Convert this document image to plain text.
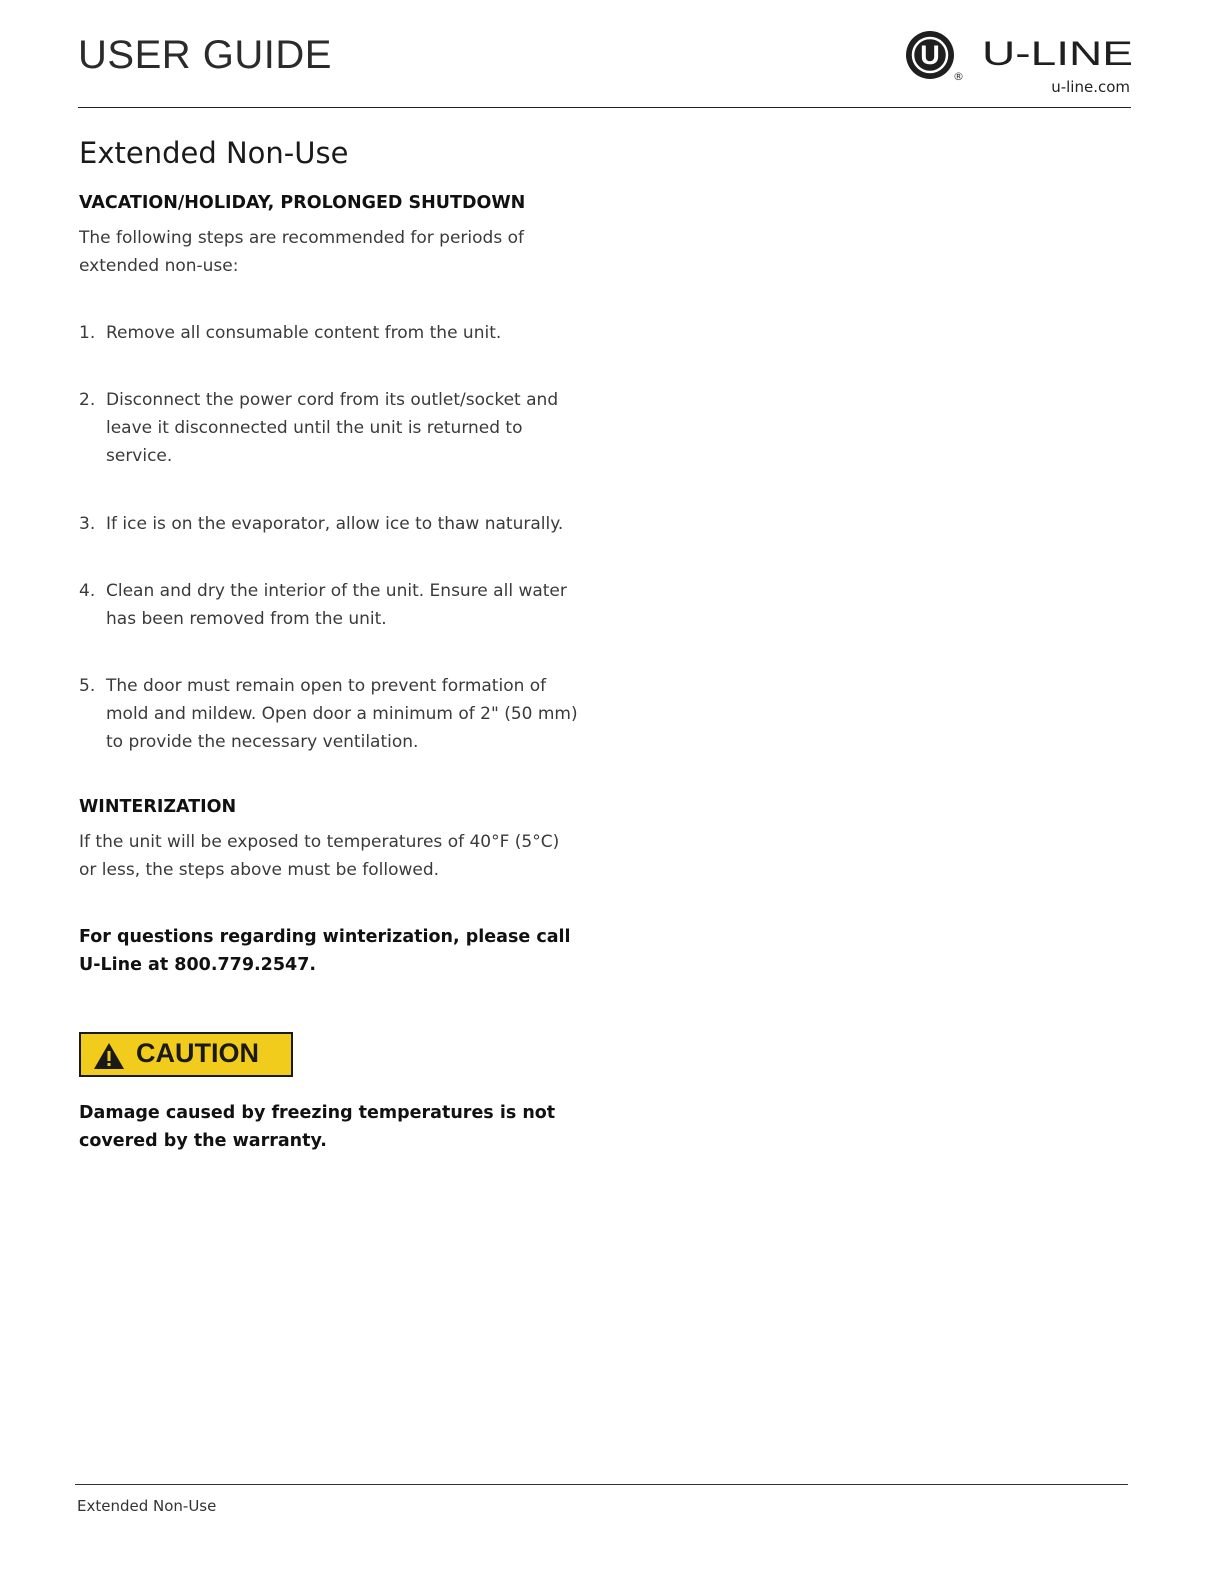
USER GUIDE	U
®
U-LINE
u-line.com
Extended Non-Use
VACATION/HOLIDAY, PROLONGED SHUTDOWN

The following steps are recommended for periods of extended non-use:

1. Remove all consumable content from the unit.
2. Disconnect the power cord from its outlet/socket and leave it disconnected until the unit is returned to service.
3. If ice is on the evaporator, allow ice to thaw naturally.
4. Clean and dry the interior of the unit. Ensure all water has been removed from the unit.
5. The door must remain open to prevent formation of mold and mildew. Open door a minimum of 2" (50 mm) to provide the necessary ventilation.
WINTERIZATION

If the unit will be exposed to temperatures of 40°F (5°C) or less, the steps above must be followed.

For questions regarding winterization, please call U-Line at 800.779.2547.

CAUTION

Damage caused by freezing temperatures is not covered by the warranty.

Extended Non-Use
